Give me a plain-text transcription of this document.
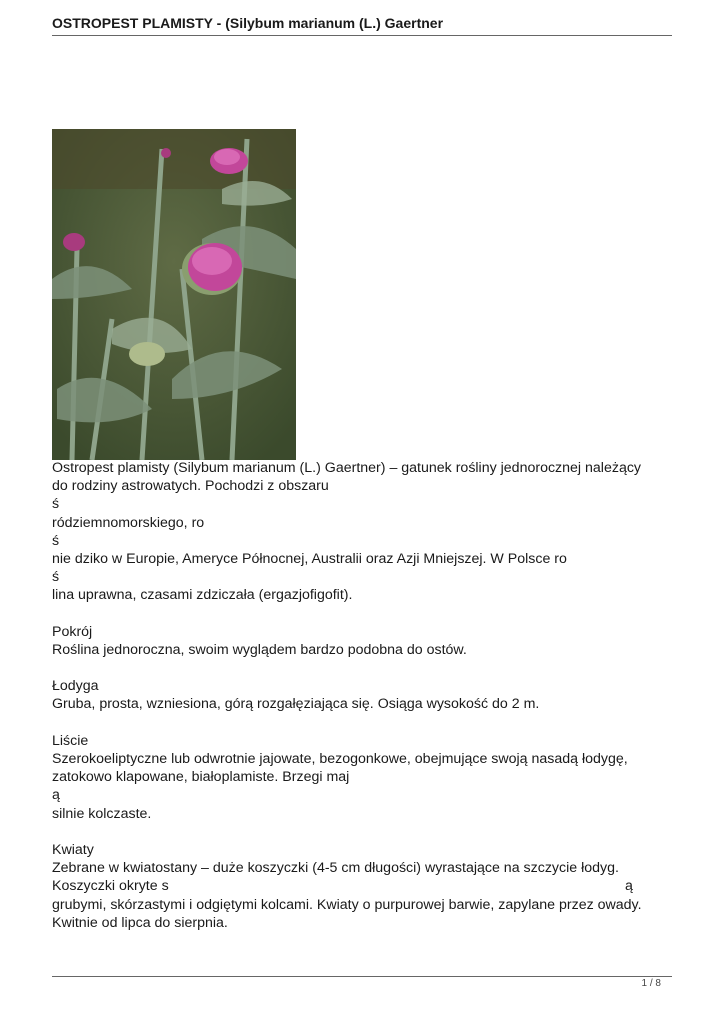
OSTROPEST PLAMISTY - (Silybum marianum (L.) Gaertner
Ostropest plamisty (Silybum marianum (L.) Gaertner) – gatunek rośliny jednorocznej należący
do rodziny astrowatych. Pochodzi z obszaru
ś
ródziemnomorskiego, ro
ś
nie dziko w Europie, Ameryce Północnej, Australii oraz Azji Mniejszej. W Polsce ro
ś
lina uprawna, czasami zdziczała (ergazjofigofit).
Pokrój
Roślina jednoroczna, swoim wyglądem bardzo podobna do ostów.
Łodyga
Gruba, prosta, wzniesiona, górą rozgałęziająca się. Osiąga wysokość do 2 m.
Liście
Szerokoeliptyczne lub odwrotnie jajowate, bezogonkowe, obejmujące swoją nasadą łodygę,
zatokowo klapowane, białoplamiste. Brzegi maj
ą
silnie kolczaste.
Kwiaty
Zebrane w kwiatostany – duże koszyczki (4-5 cm długości) wyrastające na szczycie łodyg.
Koszyczki okryte s	ą
grubymi, skórzastymi i odgiętymi kolcami. Kwiaty o purpurowej barwie, zapylane przez owady.
Kwitnie od lipca do sierpnia.
1 / 8
